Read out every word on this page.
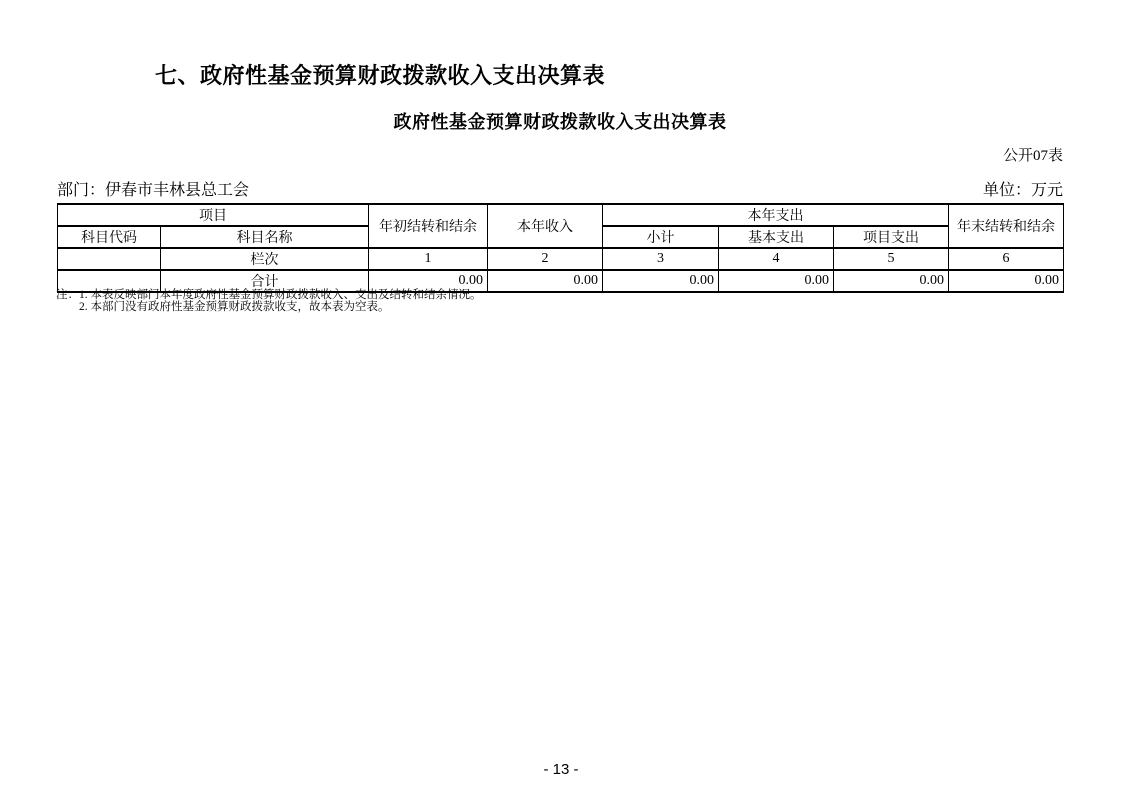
七、政府性基金预算财政拨款收入支出决算表
政府性基金预算财政拨款收入支出决算表
公开07表
部门：伊春市丰林县总工会	单位：万元
项目		年初结转和结余	本年收入	本年支出			年末结转和结余
科目代码	科目名称			小计	基本支出	项目支出	
	栏次	1	2	3	4	5	6
	合计	0.00	0.00	0.00	0.00	0.00	0.00
注： 1. 本表反映部门本年度政府性基金预算财政拨款收入、支出及结转和结余情况。
2. 本部门没有政府性基金预算财政拨款收支，故本表为空表。
- 13 -
